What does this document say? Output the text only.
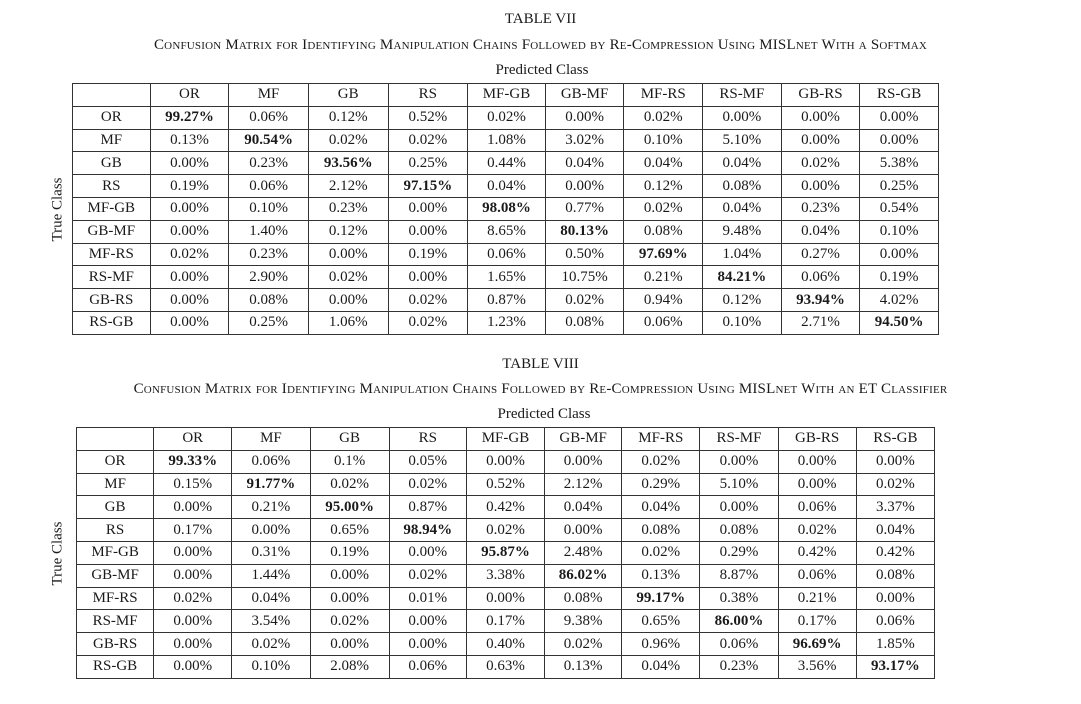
TABLE VII
Confusion Matrix for Identifying Manipulation Chains Followed by Re-Compression Using MISLnet With a Softmax
Predicted Class
True Class
	OR	MF	GB	RS	MF-GB	GB-MF	MF-RS	RS-MF	GB-RS	RS-GB
OR	99.27%	0.06%	0.12%	0.52%	0.02%	0.00%	0.02%	0.00%	0.00%	0.00%
MF	0.13%	90.54%	0.02%	0.02%	1.08%	3.02%	0.10%	5.10%	0.00%	0.00%
GB	0.00%	0.23%	93.56%	0.25%	0.44%	0.04%	0.04%	0.04%	0.02%	5.38%
RS	0.19%	0.06%	2.12%	97.15%	0.04%	0.00%	0.12%	0.08%	0.00%	0.25%
MF-GB	0.00%	0.10%	0.23%	0.00%	98.08%	0.77%	0.02%	0.04%	0.23%	0.54%
GB-MF	0.00%	1.40%	0.12%	0.00%	8.65%	80.13%	0.08%	9.48%	0.04%	0.10%
MF-RS	0.02%	0.23%	0.00%	0.19%	0.06%	0.50%	97.69%	1.04%	0.27%	0.00%
RS-MF	0.00%	2.90%	0.02%	0.00%	1.65%	10.75%	0.21%	84.21%	0.06%	0.19%
GB-RS	0.00%	0.08%	0.00%	0.02%	0.87%	0.02%	0.94%	0.12%	93.94%	4.02%
RS-GB	0.00%	0.25%	1.06%	0.02%	1.23%	0.08%	0.06%	0.10%	2.71%	94.50%
TABLE VIII
Confusion Matrix for Identifying Manipulation Chains Followed by Re-Compression Using MISLnet With an ET Classifier
Predicted Class
True Class
	OR	MF	GB	RS	MF-GB	GB-MF	MF-RS	RS-MF	GB-RS	RS-GB
OR	99.33%	0.06%	0.1%	0.05%	0.00%	0.00%	0.02%	0.00%	0.00%	0.00%
MF	0.15%	91.77%	0.02%	0.02%	0.52%	2.12%	0.29%	5.10%	0.00%	0.02%
GB	0.00%	0.21%	95.00%	0.87%	0.42%	0.04%	0.04%	0.00%	0.06%	3.37%
RS	0.17%	0.00%	0.65%	98.94%	0.02%	0.00%	0.08%	0.08%	0.02%	0.04%
MF-GB	0.00%	0.31%	0.19%	0.00%	95.87%	2.48%	0.02%	0.29%	0.42%	0.42%
GB-MF	0.00%	1.44%	0.00%	0.02%	3.38%	86.02%	0.13%	8.87%	0.06%	0.08%
MF-RS	0.02%	0.04%	0.00%	0.01%	0.00%	0.08%	99.17%	0.38%	0.21%	0.00%
RS-MF	0.00%	3.54%	0.02%	0.00%	0.17%	9.38%	0.65%	86.00%	0.17%	0.06%
GB-RS	0.00%	0.02%	0.00%	0.00%	0.40%	0.02%	0.96%	0.06%	96.69%	1.85%
RS-GB	0.00%	0.10%	2.08%	0.06%	0.63%	0.13%	0.04%	0.23%	3.56%	93.17%
